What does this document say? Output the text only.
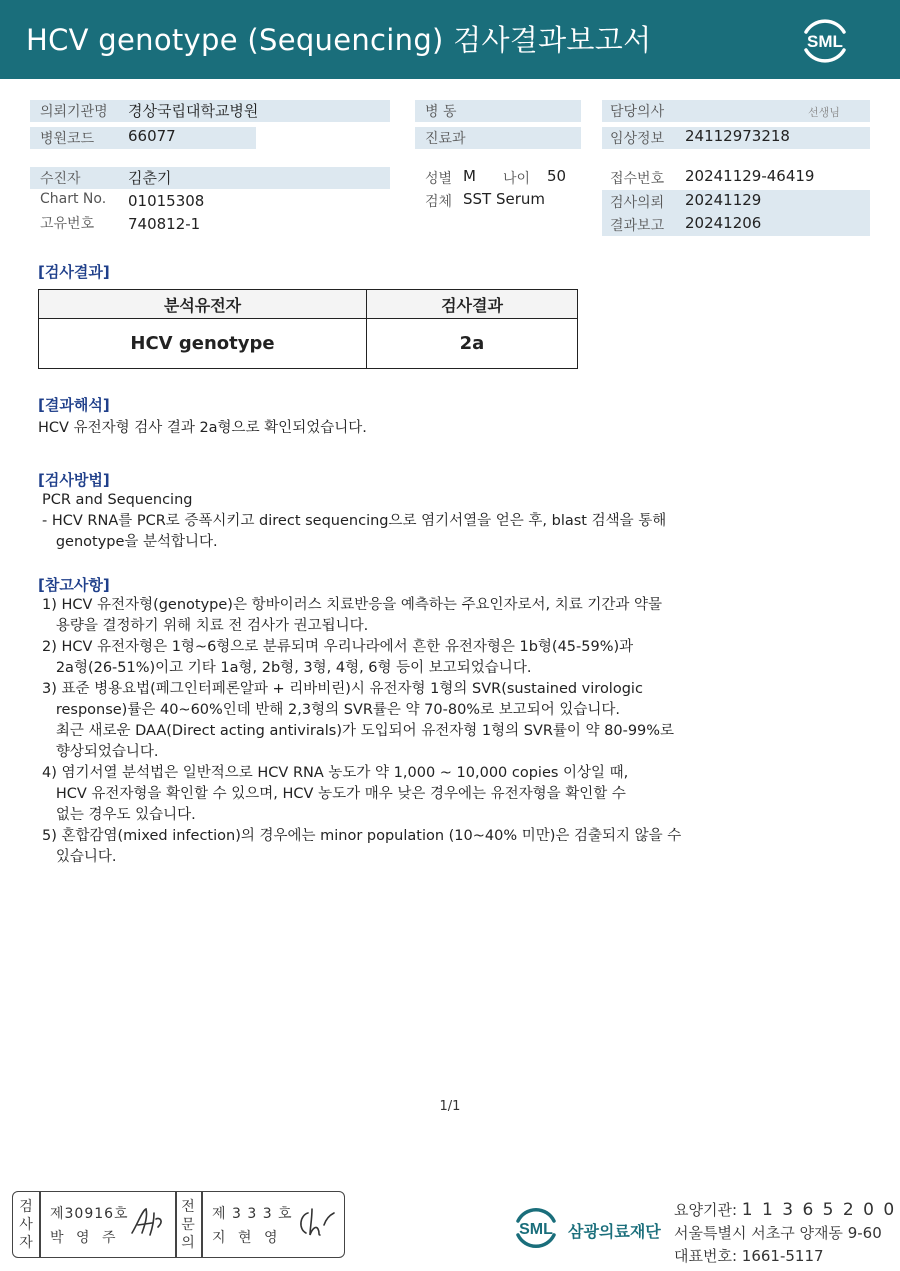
HCV genotype (Sequencing) 검사결과보고서	SML
의뢰기관명 경상국립대학교병원
병원코드 66077
병 동
진료과
담당의사	선생님
임상정보 24112973218
수진자	김춘기
Chart No. 01015308
고유번호 740812-1
성별 M 나이 50
검체 SST Serum
접수번호 20241129-46419
검사의뢰 20241129
결과보고 20241206
[검사결과]
분석유전자	검사결과
HCV genotype	2a
[결과해석]
HCV 유전자형 검사 결과 2a형으로 확인되었습니다.
[검사방법]
PCR and Sequencing
- HCV RNA를 PCR로 증폭시키고 direct sequencing으로 염기서열을 얻은 후, blast 검색을 통해
genotype을 분석합니다.
[참고사항]
1) HCV 유전자형(genotype)은 항바이러스 치료반응을 예측하는 주요인자로서, 치료 기간과 약물
용량을 결정하기 위해 치료 전 검사가 권고됩니다.
2) HCV 유전자형은 1형~6형으로 분류되며 우리나라에서 흔한 유전자형은 1b형(45-59%)과
2a형(26-51%)이고 기타 1a형, 2b형, 3형, 4형, 6형 등이 보고되었습니다.
3) 표준 병용요법(페그인터페론알파 + 리바비린)시 유전자형 1형의 SVR(sustained virologic
response)률은 40~60%인데 반해 2,3형의 SVR률은 약 70-80%로 보고되어 있습니다.
최근 새로운 DAA(Direct acting antivirals)가 도입되어 유전자형 1형의 SVR률이 약 80-99%로
향상되었습니다.
4) 염기서열 분석법은 일반적으로 HCV RNA 농도가 약 1,000 ~ 10,000 copies 이상일 때,
HCV 유전자형을 확인할 수 있으며, HCV 농도가 매우 낮은 경우에는 유전자형을 확인할 수
없는 경우도 있습니다.
5) 혼합감염(mixed infection)의 경우에는 minor population (10~40% 미만)은 검출되지 않을 수
있습니다.
1/1
검
사
자
제30916호
박 영 주
전
문
의
제 3 3 3 호
지 현 영	SML 삼광의료재단
요양기관: 1 1 3 6 5 2 0 0
서울특별시 서초구 양재동 9-60
대표번호: 1661-5117
